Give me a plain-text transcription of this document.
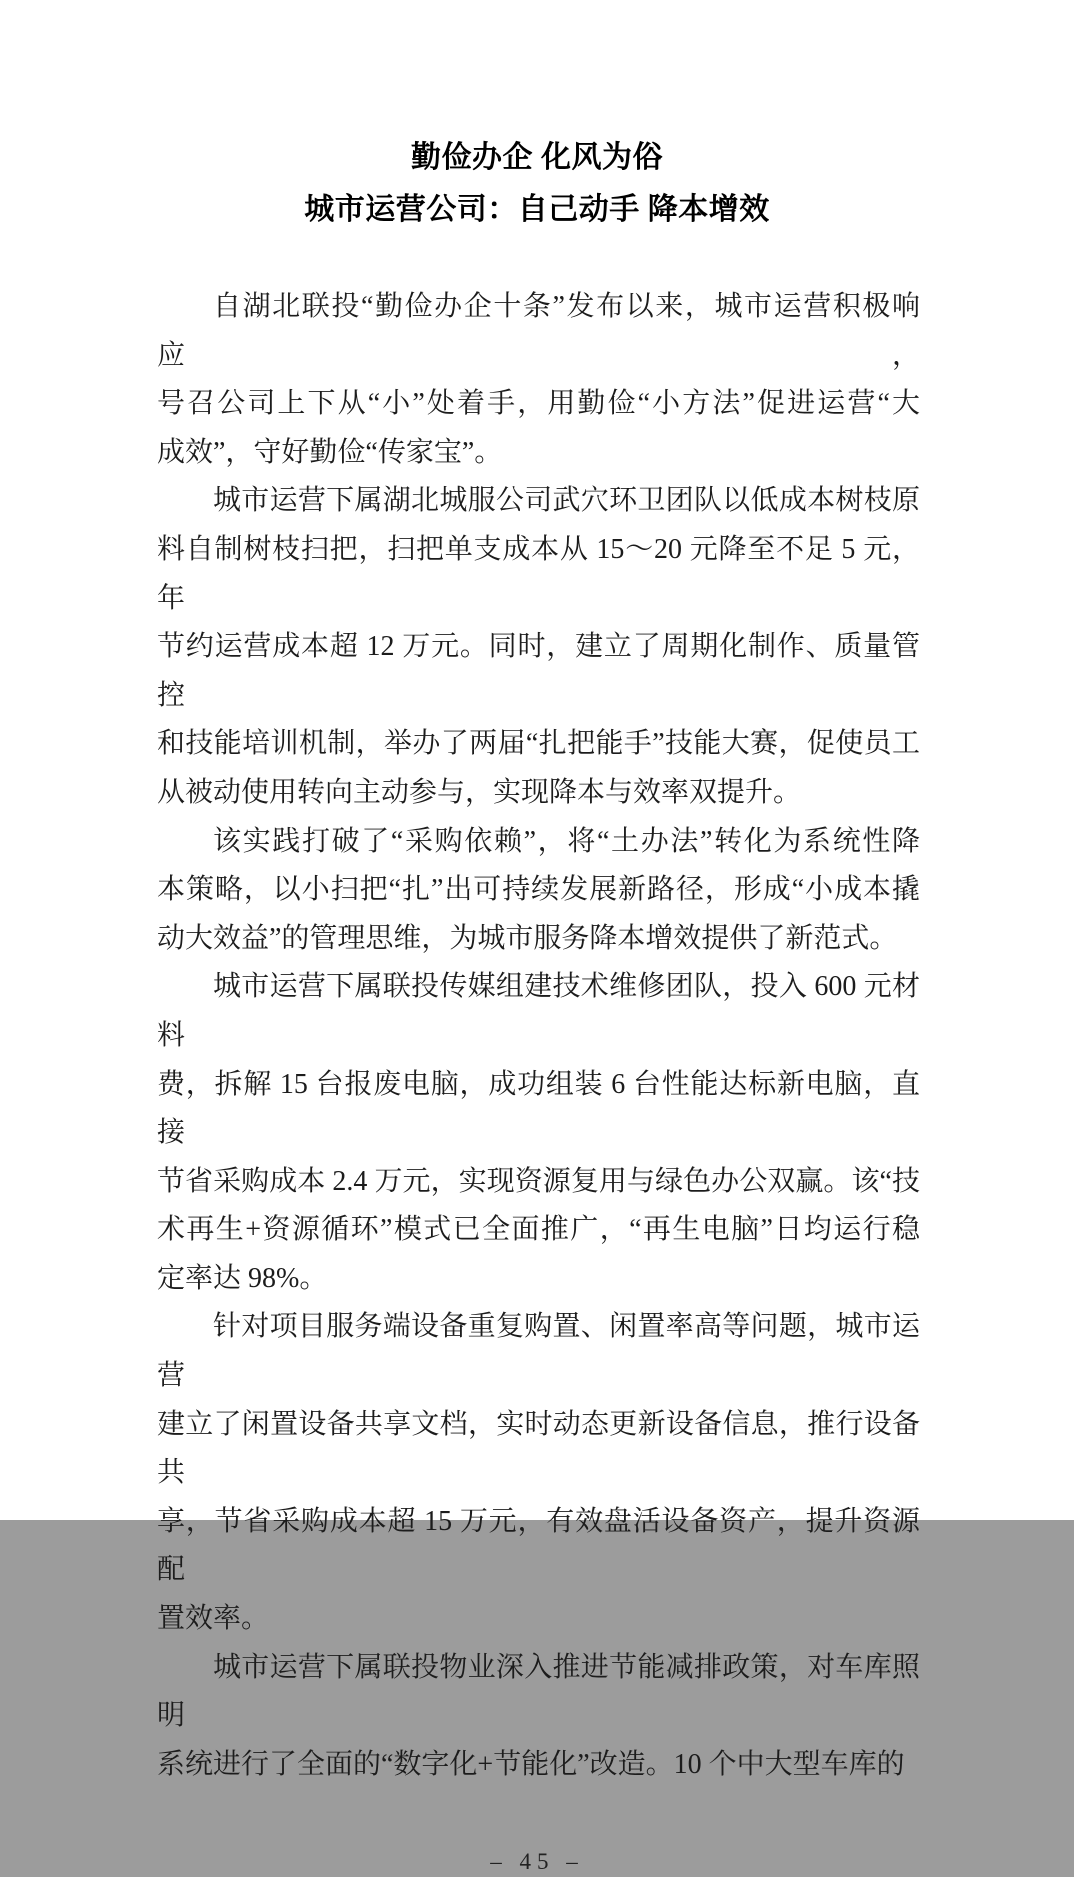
勤俭办企 化风为俗
城市运营公司：自己动手 降本增效
自湖北联投“勤俭办企十条”发布以来，城市运营积极响应，
号召公司上下从“小”处着手，用勤俭“小方法”促进运营“大
成效”，守好勤俭“传家宝”。
城市运营下属湖北城服公司武穴环卫团队以低成本树枝原
料自制树枝扫把，扫把单支成本从 15～20 元降至不足 5 元，年
节约运营成本超 12 万元。同时，建立了周期化制作、质量管控
和技能培训机制，举办了两届“扎把能手”技能大赛，促使员工
从被动使用转向主动参与，实现降本与效率双提升。
该实践打破了“采购依赖”，将“土办法”转化为系统性降
本策略，以小扫把“扎”出可持续发展新路径，形成“小成本撬
动大效益”的管理思维，为城市服务降本增效提供了新范式。
城市运营下属联投传媒组建技术维修团队，投入 600 元材料
费，拆解 15 台报废电脑，成功组装 6 台性能达标新电脑，直接
节省采购成本 2.4 万元，实现资源复用与绿色办公双赢。该“技
术再生+资源循环”模式已全面推广，“再生电脑”日均运行稳
定率达 98%。
针对项目服务端设备重复购置、闲置率高等问题，城市运营
建立了闲置设备共享文档，实时动态更新设备信息，推行设备共
享，节省采购成本超 15 万元，有效盘活设备资产，提升资源配
置效率。
城市运营下属联投物业深入推进节能减排政策，对车库照明
系统进行了全面的“数字化+节能化”改造。10 个中大型车库的
– 45 –
